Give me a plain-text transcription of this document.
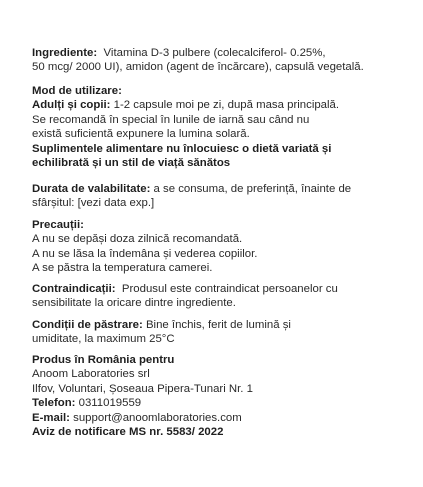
Ingrediente: Vitamina D-3 pulbere (colecalciferol- 0.25%,
50 mcg/ 2000 UI), amidon (agent de încărcare), capsulă vegetală.
Mod de utilizare:
Adulți și copii: 1-2 capsule moi pe zi, după masa principală.
Se recomandă în special în lunile de iarnă sau când nu
există suficientă expunere la lumina solară.
Suplimentele alimentare nu înlocuiesc o dietă variată și
echilibrată și un stil de viață sănătos
Durata de valabilitate: a se consuma, de preferință, înainte de
sfârșitul: [vezi data exp.]
Precauții:
A nu se depăși doza zilnică recomandată.
A nu se lăsa la îndemâna și vederea copiilor.
A se păstra la temperatura camerei.
Contraindicații: Produsul este contraindicat persoanelor cu
sensibilitate la oricare dintre ingrediente.
Condiții de păstrare: Bine închis, ferit de lumină și
umiditate, la maximum 25°C
Produs în România pentru
Anoom Laboratories srl
Ilfov, Voluntari, Șoseaua Pipera-Tunari Nr. 1
Telefon: 0311019559
E-mail: support@anoomlaboratories.com
Aviz de notificare MS nr. 5583/ 2022
